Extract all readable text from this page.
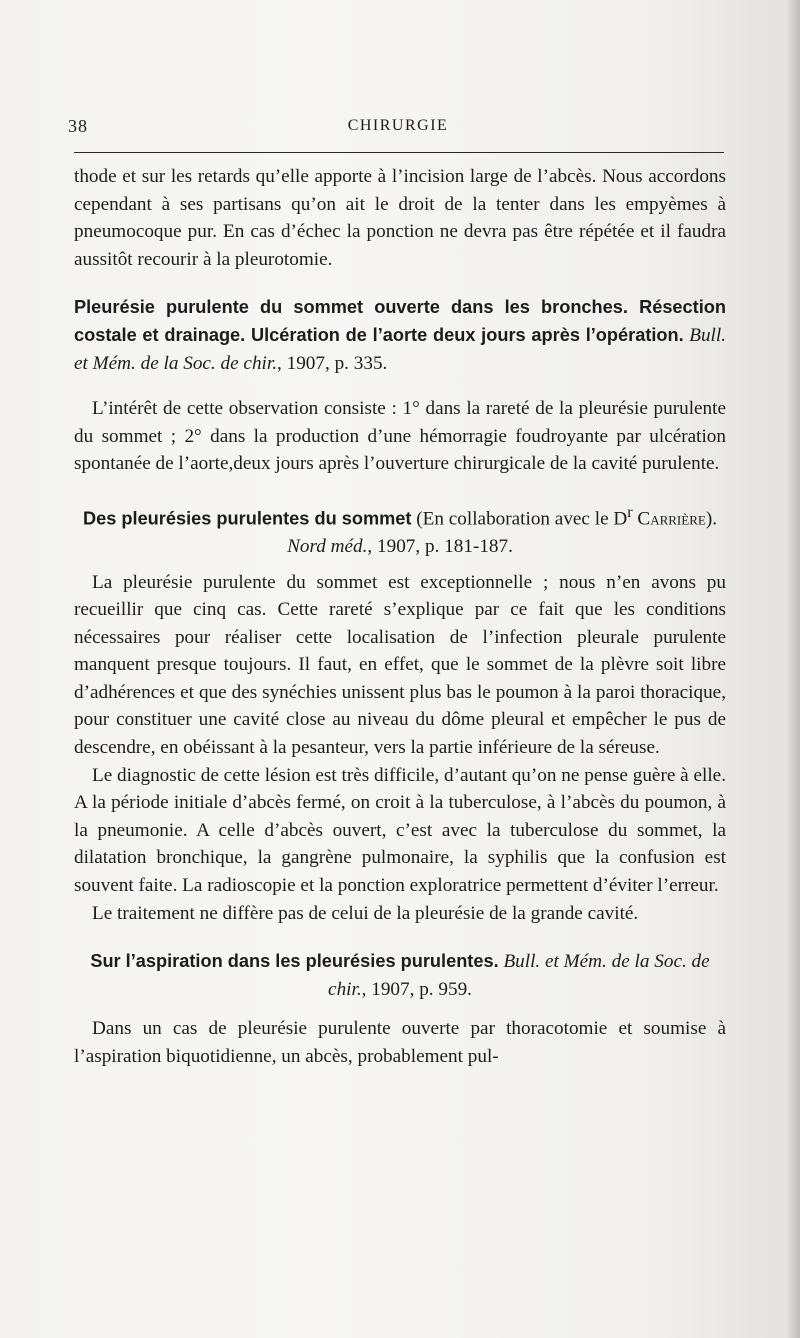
38	CHIRURGIE

thode et sur les retards qu’elle apporte à l’incision large de l’abcès. Nous accordons cependant à ses partisans qu’on ait le droit de la tenter dans les empyèmes à pneumocoque pur. En cas d’échec la ponction ne devra pas être répétée et il faudra aussitôt recourir à la pleurotomie.

Pleurésie purulente du sommet ouverte dans les bronches. Résection costale et drainage. Ulcération de l’aorte deux jours après l’opération. Bull. et Mém. de la Soc. de chir., 1907, p. 335.

L’intérêt de cette observation consiste : 1° dans la rareté de la pleurésie purulente du sommet ; 2° dans la production d’une hémorragie foudroyante par ulcération spontanée de l’aorte,deux jours après l’ouverture chirurgicale de la cavité purulente.

Des pleurésies purulentes du sommet (En collaboration avec le $D^r$ Carrière). Nord méd., 1907, p. 181-187.

La pleurésie purulente du sommet est exceptionnelle ; nous n’en avons pu recueillir que cinq cas. Cette rareté s’explique par ce fait que les conditions nécessaires pour réaliser cette localisation de l’infection pleurale purulente manquent presque toujours. Il faut, en effet, que le sommet de la plèvre soit libre d’adhérences et que des synéchies unissent plus bas le poumon à la paroi thoracique, pour constituer une cavité close au niveau du dôme pleural et empêcher le pus de descendre, en obéissant à la pesanteur, vers la partie inférieure de la séreuse.

Le diagnostic de cette lésion est très difficile, d’autant qu’on ne pense guère à elle. A la période initiale d’abcès fermé, on croit à la tuberculose, à l’abcès du poumon, à la pneumonie. A celle d’abcès ouvert, c’est avec la tuberculose du sommet, la dilatation bronchique, la gangrène pulmonaire, la syphilis que la confusion est souvent faite. La radioscopie et la ponction exploratrice permettent d’éviter l’erreur.

Le traitement ne diffère pas de celui de la pleurésie de la grande cavité.

Sur l’aspiration dans les pleurésies purulentes. Bull. et Mém. de la Soc. de chir., 1907, p. 959.

Dans un cas de pleurésie purulente ouverte par thoracotomie et soumise à l’aspiration biquotidienne, un abcès, probablement pul-
